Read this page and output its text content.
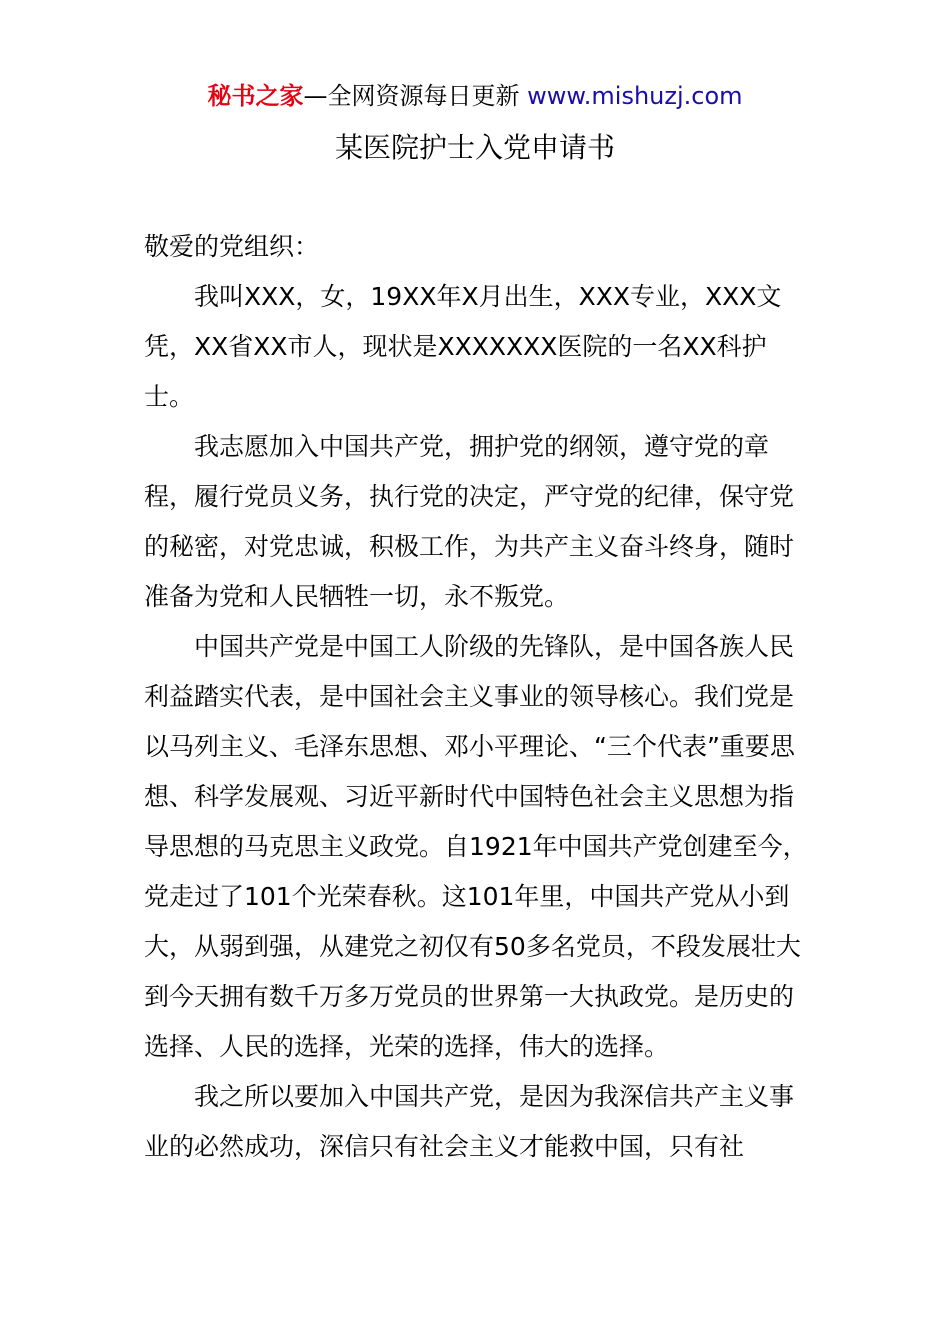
秘书之家—全网资源每日更新 www.mishuzj.com
某医院护士入党申请书

敬爱的党组织：

我叫XXX，女，19XX年X月出生，XXX专业，XXX文凭，XX省XX市人，现状是XXXXXXX医院的一名XX科护士。

我志愿加入中国共产党，拥护党的纲领，遵守党的章程，履行党员义务，执行党的决定，严守党的纪律，保守党的秘密，对党忠诚，积极工作，为共产主义奋斗终身，随时准备为党和人民牺牲一切，永不叛党。

中国共产党是中国工人阶级的先锋队，是中国各族人民利益踏实代表，是中国社会主义事业的领导核心。我们党是以马列主义、毛泽东思想、邓小平理论、“三个代表”重要思想、科学发展观、习近平新时代中国特色社会主义思想为指导思想的马克思主义政党。自1921年中国共产党创建至今，党走过了101个光荣春秋。这101年里，中国共产党从小到大，从弱到强，从建党之初仅有50多名党员，不段发展壮大到今天拥有数千万多万党员的世界第一大执政党。是历史的选择、人民的选择，光荣的选择，伟大的选择。

我之所以要加入中国共产党，是因为我深信共产主义事业的必然成功，深信只有社会主义才能救中国，只有社
